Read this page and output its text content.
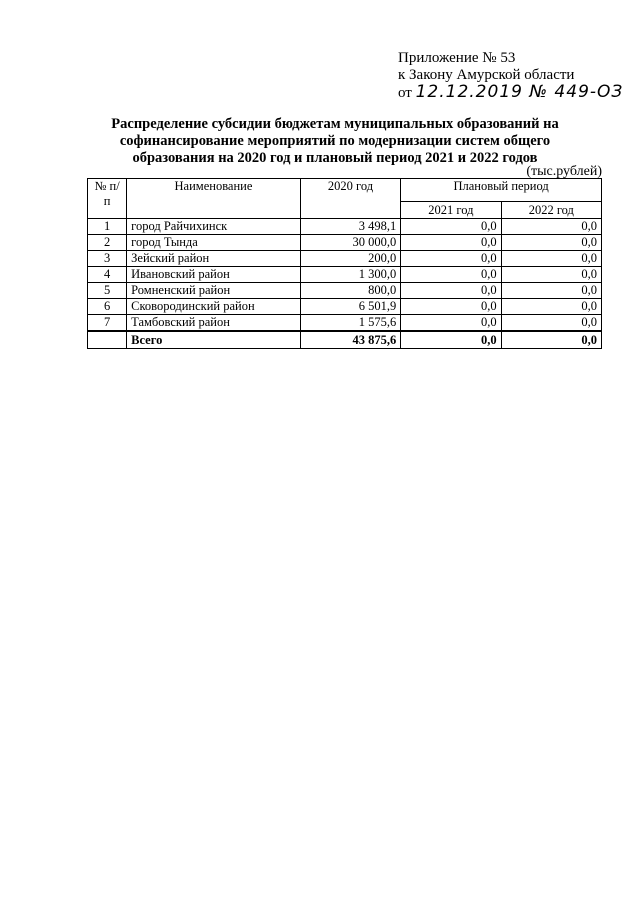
Приложение № 53
к Закону Амурской области
от 12.12.2019 № 449-ОЗ
Распределение субсидии бюджетам муниципальных образований на софинансирование мероприятий по модернизации систем общего образования на 2020 год и плановый период 2021 и 2022 годов
(тыс.рублей)
№ п/п	Наименование	2020 год	Плановый период	
			2021 год	2022 год
1	город Райчихинск	3 498,1	0,0	0,0
2	город Тында	30 000,0	0,0	0,0
3	Зейский район	200,0	0,0	0,0
4	Ивановский район	1 300,0	0,0	0,0
5	Ромненский район	800,0	0,0	0,0
6	Сковородинский район	6 501,9	0,0	0,0
7	Тамбовский район	1 575,6	0,0	0,0
	Всего	43 875,6	0,0	0,0
